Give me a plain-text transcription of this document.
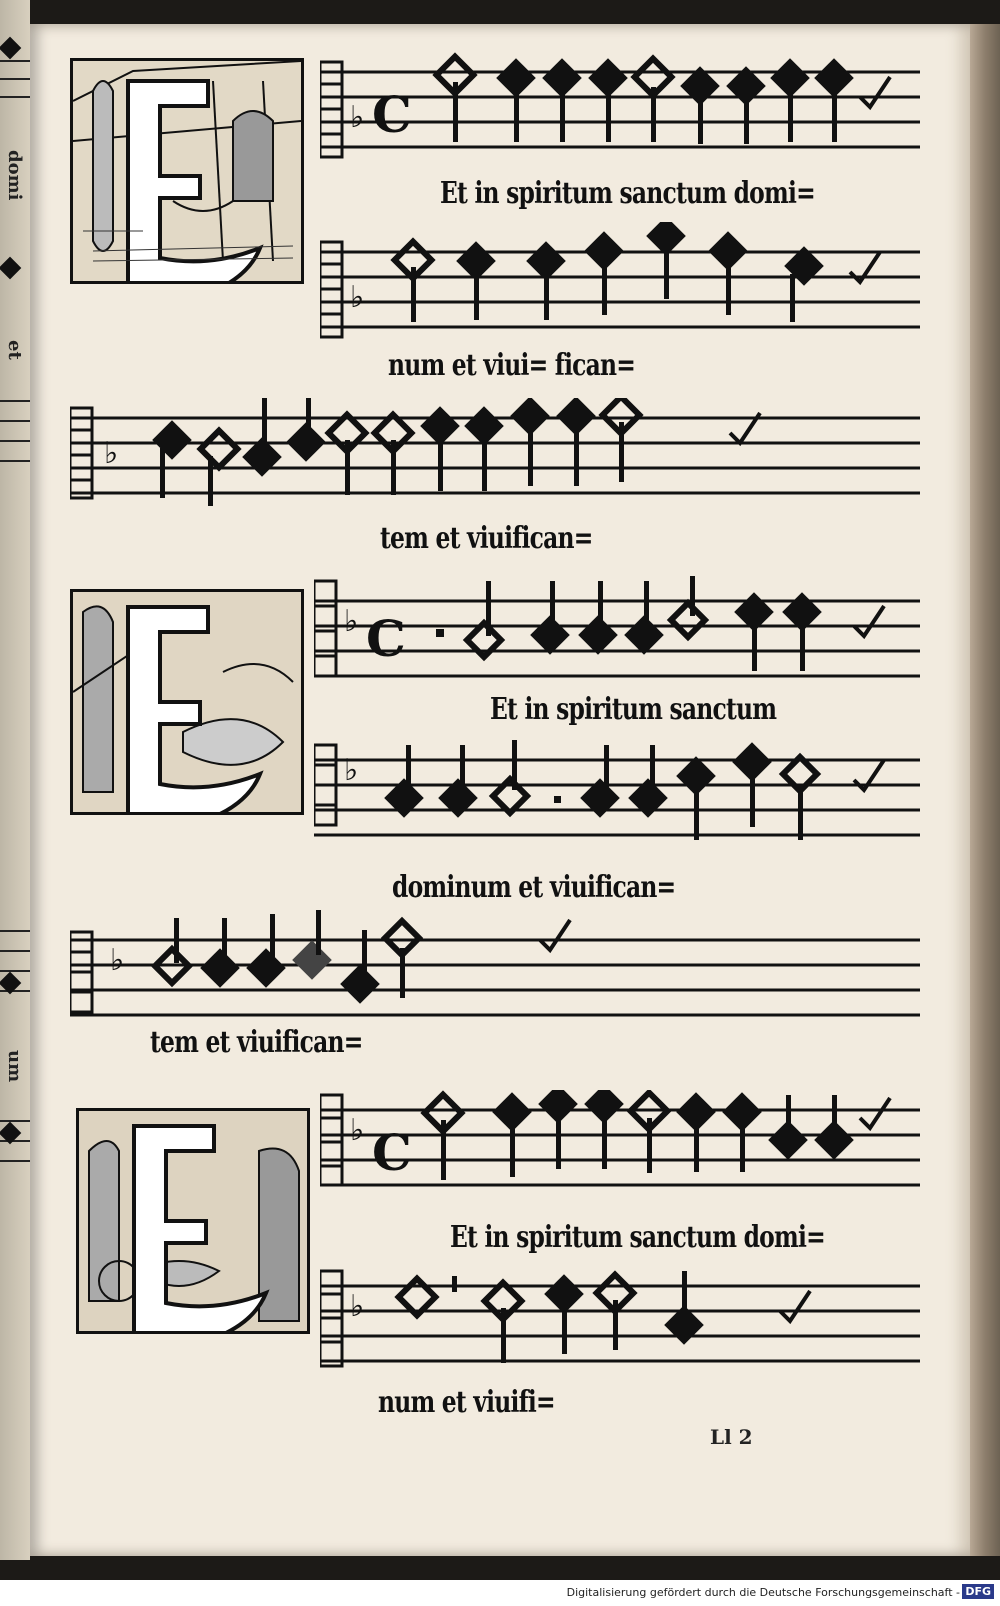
domi
et
um
♭ C
Et in spiritum sanctum domi=
♭
num et viui= fican=
♭
tem et viuifican=
♭ C
Et in spiritum sanctum
♭
dominum et viuifican=
♭
tem et viuifican=
♭ C
Et in spiritum sanctum domi=
♭
num et viuifi=
Ll 2
Digitalisierung gefördert durch die Deutsche Forschungsgemeinschaft - DFG
